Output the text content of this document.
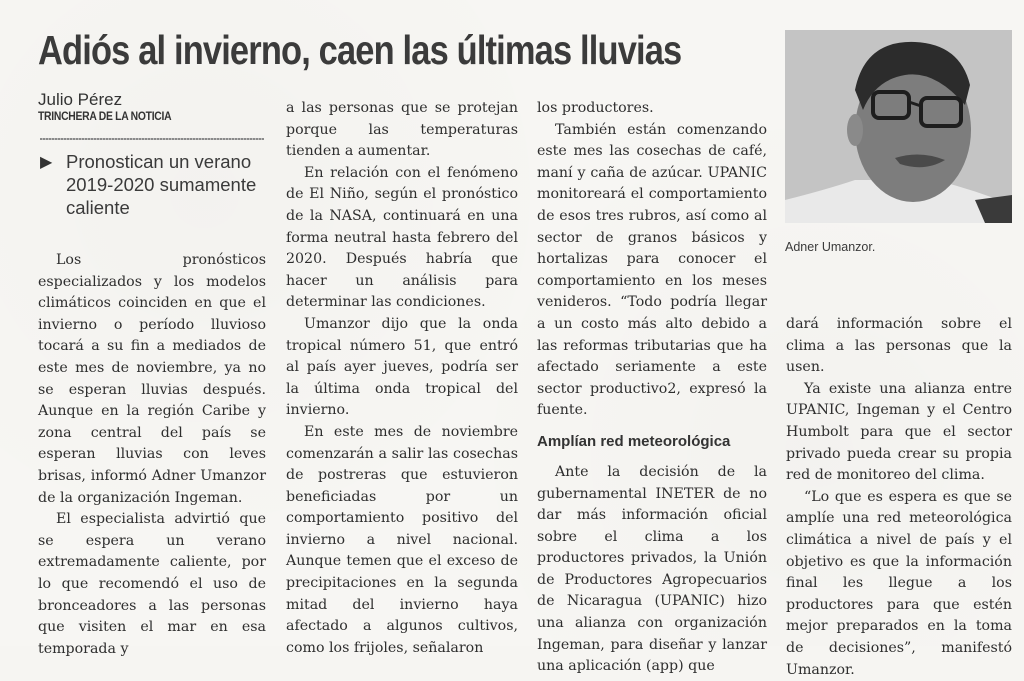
Adiós al invierno, caen las últimas lluvias
Julio Pérez
TRINCHERA DE LA NOTICIA
▶ Pronostican un verano 2019-2020 sumamente caliente

Los pronósticos especializados y los modelos climáticos coinciden en que el invierno o período lluvioso tocará a su fin a mediados de este mes de noviembre, ya no se esperan lluvias después. Aunque en la región Caribe y zona central del país se esperan lluvias con leves brisas, informó Adner Umanzor de la organización Ingeman.

El especialista advirtió que se espera un verano extremadamente caliente, por lo que recomendó el uso de bronceadores a las personas que visiten el mar en esa temporada y

a las personas que se protejan porque las temperaturas tienden a aumentar.

En relación con el fenómeno de El Niño, según el pronóstico de la NASA, continuará en una forma neutral hasta febrero del 2020. Después habría que hacer un análisis para determinar las condiciones.

Umanzor dijo que la onda tropical número 51, que entró al país ayer jueves, podría ser la última onda tropical del invierno.

En este mes de noviembre comenzarán a salir las cosechas de postreras que estuvieron beneficiadas por un comportamiento positivo del invierno a nivel nacional. Aunque temen que el exceso de precipitaciones en la segunda mitad del invierno haya afectado a algunos cultivos, como los frijoles, señalaron

los productores.

También están comenzando este mes las cosechas de café, maní y caña de azúcar. UPANIC monitoreará el comportamiento de esos tres rubros, así como al sector de granos básicos y hortalizas para conocer el comportamiento en los meses venideros. “Todo podría llegar a un costo más alto debido a las reformas tributarias que ha afectado seriamente a este sector productivo2, expresó la fuente.

Amplían red meteorológica

Ante la decisión de la gubernamental INETER de no dar más información oficial sobre el clima a los productores privados, la Unión de Productores Agropecuarios de Nicaragua (UPANIC) hizo una alianza con organización Ingeman, para diseñar y lanzar una aplicación (app) que

Adner Umanzor.

dará información sobre el clima a las personas que la usen.

Ya existe una alianza entre UPANIC, Ingeman y el Centro Humbolt para que el sector privado pueda crear su propia red de monitoreo del clima.

“Lo que es espera es que se amplíe una red meteorológica climática a nivel de país y el objetivo es que la información final les llegue a los productores para que estén mejor preparados en la toma de decisiones”, manifestó Umanzor.
